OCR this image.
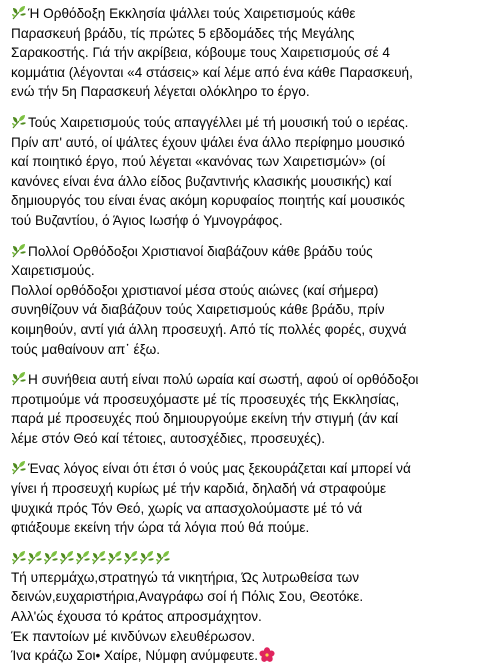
Ή Ορθόδοξη Εκκλησία ψάλλει τούς Χαιρετισμούς κάθε
Παρασκευή βράδυ, τίς πρώτες 5 εβδομάδες τής Μεγάλης
Σαρακοστής. Γιά τήν ακρίβεια, κόβουμε τους Χαιρετισμούς σέ 4
κομμάτια (λέγονται «4 στάσεις» καί λέμε από ένα κάθε Παρασκευή,
ενώ τήν 5η Παρασκευή λέγεται ολόκληρο το έργο.
Τούς Χαιρετισμούς τούς απαγγέλλει μέ τή μουσική τού ο ιερέας.
Πρίν απ' αυτό, οί ψάλτες έχουν ψάλει ένα άλλο περίφημο μουσικό
καί ποιητικό έργο, πού λέγεται «κανόνας των Χαιρετισμών» (οί
κανόνες είναι ένα άλλο είδος βυζαντινής κλασικής μουσικής) καί
δημιουργός του είναι ένας ακόμη κορυφαίος ποιητής καί μουσικός
τού Βυζαντίου, ό Άγιος Ιωσήφ ό Υμνογράφος.
Πολλοί Ορθόδοξοι Χριστιανοί διαβάζουν κάθε βράδυ τούς
Χαιρετισμούς.
Πολλοί ορθόδοξοι χριστιανοί μέσα στούς αιώνες (καί σήμερα)
συνηθίζουν νά διαβάζουν τούς Χαιρετισμούς κάθε βράδυ, πρίν
κοιμηθούν, αντί γιά άλλη προσευχή. Από τίς πολλές φορές, συχνά
τούς μαθαίνουν απ᾽ έξω.
Η συνήθεια αυτή είναι πολύ ωραία καί σωστή, αφού οί ορθόδοξοι
προτιμούμε νά προσευχόμαστε μέ τίς προσευχές τής Εκκλησίας,
παρά μέ προσευχές πού δημιουργούμε εκείνη τήν στιγμή (άν καί
λέμε στόν Θεό καί τέτοιες, αυτοσχέδιες, προσευχές).
Ένας λόγος είναι ότι έτσι ό νούς μας ξεκουράζεται καί μπορεί νά
γίνει ή προσευχή κυρίως μέ τήν καρδιά, δηλαδή νά στραφούμε
ψυχικά πρός Τόν Θεό, χωρίς να απασχολούμαστε μέ τό νά
φτιάξουμε εκείνη τήν ώρα τά λόγια πού θά πούμε.
Τή υπερμάχω,στρατηγώ τά νικητήρια, Ώς λυτρωθείσα των
δεινών,ευχαριστήρια,Αναγράφω σοί ή Πόλις Σου, Θεοτόκε.
Αλλ'ώς έχουσα τό κράτος απροσμάχητον.
Έκ παντοίων μέ κινδύνων ελευθέρωσον.
Ίνα κράζω Σοι• Χαίρε, Νύμφη ανύμφευτε.
